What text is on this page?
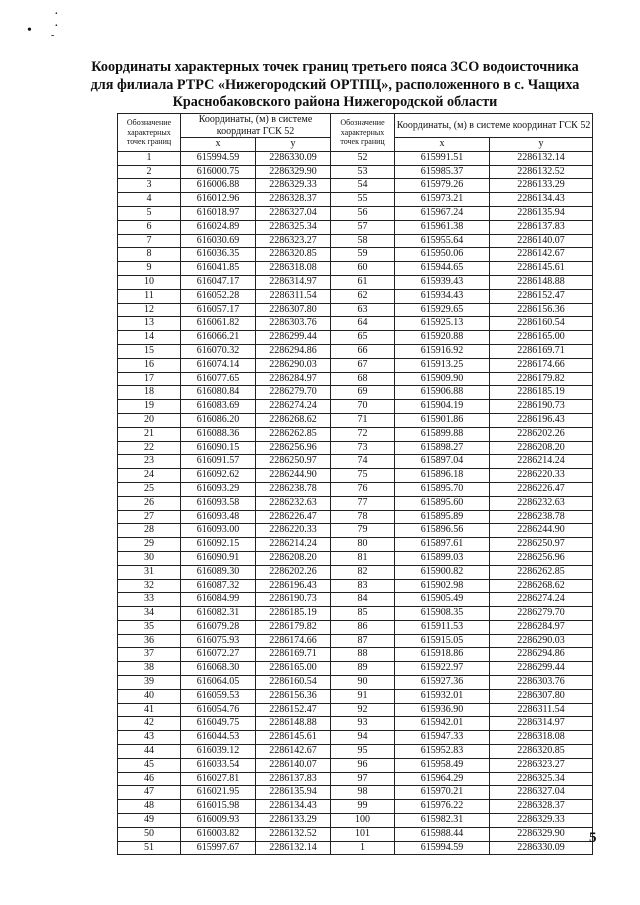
·
• ·
-
Координаты характерных точек границ третьего пояса ЗСО водоисточника
для филиала РТРС «Нижегородский ОРТПЦ», расположенного в с. Чащиха
Краснобаковского района Нижегородской области
Обозначение характерных точек границ	Координаты, (м) в системе координат ГСК 52		Обозначение характерных точек границ	Координаты, (м) в системе координат ГСК 52	
	x	y		x	y
1	615994.59	2286330.09	52	615991.51	2286132.14
2	616000.75	2286329.90	53	615985.37	2286132.52
3	616006.88	2286329.33	54	615979.26	2286133.29
4	616012.96	2286328.37	55	615973.21	2286134.43
5	616018.97	2286327.04	56	615967.24	2286135.94
6	616024.89	2286325.34	57	615961.38	2286137.83
7	616030.69	2286323.27	58	615955.64	2286140.07
8	616036.35	2286320.85	59	615950.06	2286142.67
9	616041.85	2286318.08	60	615944.65	2286145.61
10	616047.17	2286314.97	61	615939.43	2286148.88
11	616052.28	2286311.54	62	615934.43	2286152.47
12	616057.17	2286307.80	63	615929.65	2286156.36
13	616061.82	2286303.76	64	615925.13	2286160.54
14	616066.21	2286299.44	65	615920.88	2286165.00
15	616070.32	2286294.86	66	615916.92	2286169.71
16	616074.14	2286290.03	67	615913.25	2286174.66
17	616077.65	2286284.97	68	615909.90	2286179.82
18	616080.84	2286279.70	69	615906.88	2286185.19
19	616083.69	2286274.24	70	615904.19	2286190.73
20	616086.20	2286268.62	71	615901.86	2286196.43
21	616088.36	2286262.85	72	615899.88	2286202.26
22	616090.15	2286256.96	73	615898.27	2286208.20
23	616091.57	2286250.97	74	615897.04	2286214.24
24	616092.62	2286244.90	75	615896.18	2286220.33
25	616093.29	2286238.78	76	615895.70	2286226.47
26	616093.58	2286232.63	77	615895.60	2286232.63
27	616093.48	2286226.47	78	615895.89	2286238.78
28	616093.00	2286220.33	79	615896.56	2286244.90
29	616092.15	2286214.24	80	615897.61	2286250.97
30	616090.91	2286208.20	81	615899.03	2286256.96
31	616089.30	2286202.26	82	615900.82	2286262.85
32	616087.32	2286196.43	83	615902.98	2286268.62
33	616084.99	2286190.73	84	615905.49	2286274.24
34	616082.31	2286185.19	85	615908.35	2286279.70
35	616079.28	2286179.82	86	615911.53	2286284.97
36	616075.93	2286174.66	87	615915.05	2286290.03
37	616072.27	2286169.71	88	615918.86	2286294.86
38	616068.30	2286165.00	89	615922.97	2286299.44
39	616064.05	2286160.54	90	615927.36	2286303.76
40	616059.53	2286156.36	91	615932.01	2286307.80
41	616054.76	2286152.47	92	615936.90	2286311.54
42	616049.75	2286148.88	93	615942.01	2286314.97
43	616044.53	2286145.61	94	615947.33	2286318.08
44	616039.12	2286142.67	95	615952.83	2286320.85
45	616033.54	2286140.07	96	615958.49	2286323.27
46	616027.81	2286137.83	97	615964.29	2286325.34
47	616021.95	2286135.94	98	615970.21	2286327.04
48	616015.98	2286134.43	99	615976.22	2286328.37
49	616009.93	2286133.29	100	615982.31	2286329.33
50	616003.82	2286132.52	101	615988.44	2286329.90
51	615997.67	2286132.14	1	615994.59	2286330.09
5
